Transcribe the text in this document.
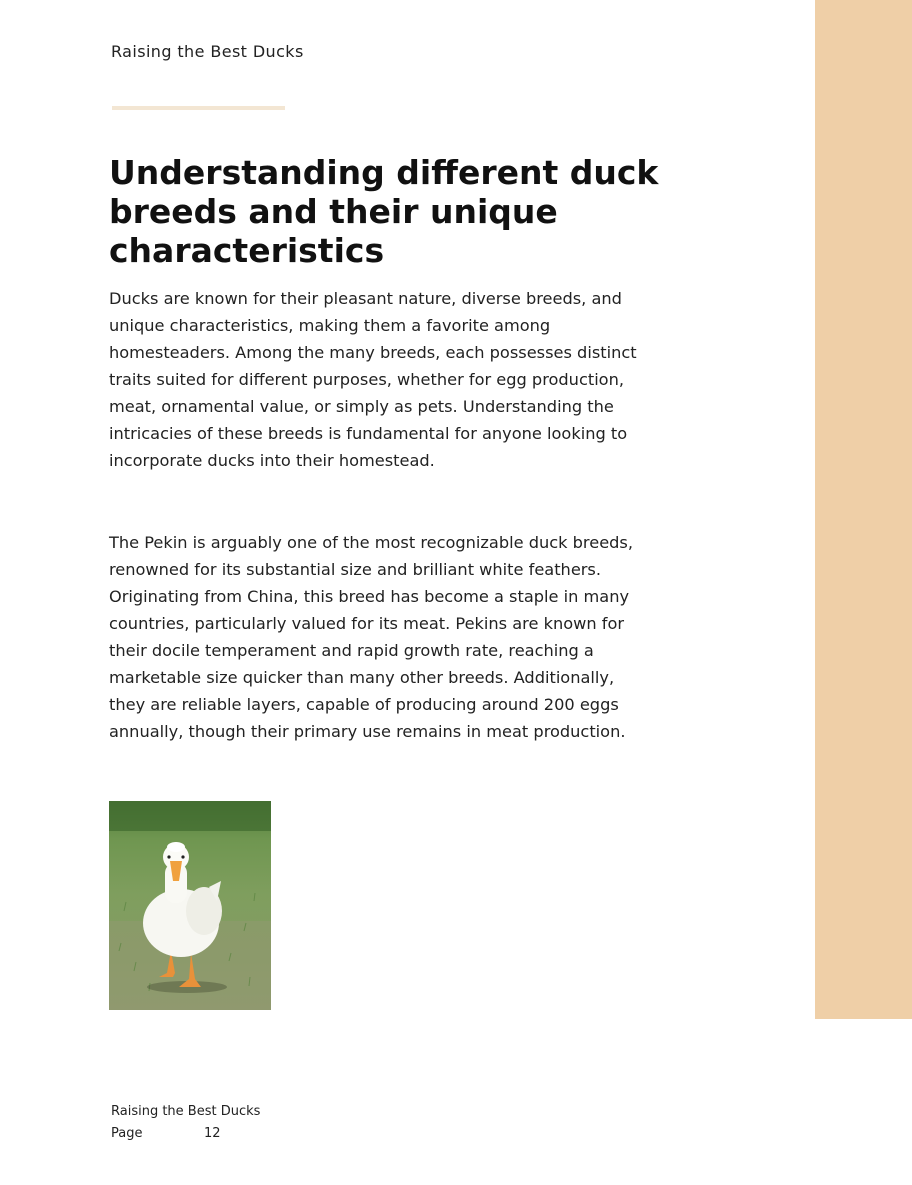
Raising the Best Ducks
Understanding different duck breeds and their unique characteristics

Ducks are known for their pleasant nature, diverse breeds, and unique characteristics, making them a favorite among homesteaders. Among the many breeds, each possesses distinct traits suited for different purposes, whether for egg production, meat, ornamental value, or simply as pets. Understanding the intricacies of these breeds is fundamental for anyone looking to incorporate ducks into their homestead.

The Pekin is arguably one of the most recognizable duck breeds, renowned for its substantial size and brilliant white feathers. Originating from China, this breed has become a staple in many countries, particularly valued for its meat. Pekins are known for their docile temperament and rapid growth rate, reaching a marketable size quicker than many other breeds. Additionally, they are reliable layers, capable of producing around 200 eggs annually, though their primary use remains in meat production.

Raising the Best Ducks
Page	12
